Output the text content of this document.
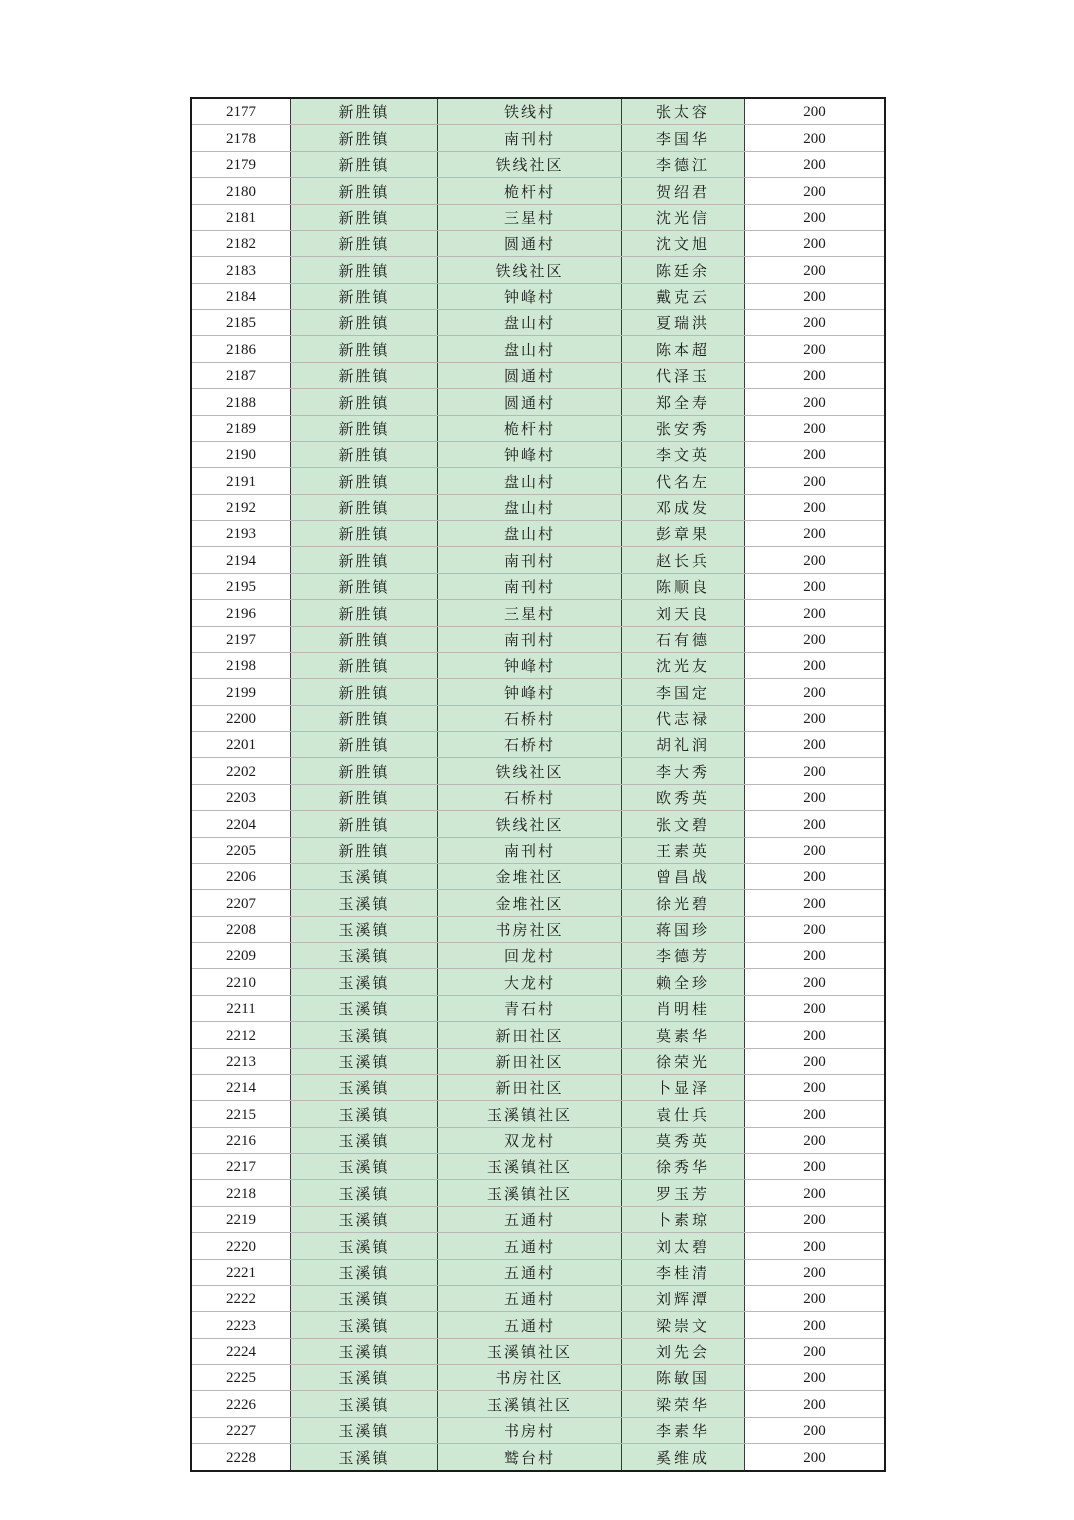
2177	新胜镇	铁线村	张太容	200
2178	新胜镇	南刊村	李国华	200
2179	新胜镇	铁线社区	李德江	200
2180	新胜镇	桅杆村	贺绍君	200
2181	新胜镇	三星村	沈光信	200
2182	新胜镇	圆通村	沈文旭	200
2183	新胜镇	铁线社区	陈廷余	200
2184	新胜镇	钟峰村	戴克云	200
2185	新胜镇	盘山村	夏瑞洪	200
2186	新胜镇	盘山村	陈本超	200
2187	新胜镇	圆通村	代泽玉	200
2188	新胜镇	圆通村	郑全寿	200
2189	新胜镇	桅杆村	张安秀	200
2190	新胜镇	钟峰村	李文英	200
2191	新胜镇	盘山村	代名左	200
2192	新胜镇	盘山村	邓成发	200
2193	新胜镇	盘山村	彭章果	200
2194	新胜镇	南刊村	赵长兵	200
2195	新胜镇	南刊村	陈顺良	200
2196	新胜镇	三星村	刘天良	200
2197	新胜镇	南刊村	石有德	200
2198	新胜镇	钟峰村	沈光友	200
2199	新胜镇	钟峰村	李国定	200
2200	新胜镇	石桥村	代志禄	200
2201	新胜镇	石桥村	胡礼润	200
2202	新胜镇	铁线社区	李大秀	200
2203	新胜镇	石桥村	欧秀英	200
2204	新胜镇	铁线社区	张文碧	200
2205	新胜镇	南刊村	王素英	200
2206	玉溪镇	金堆社区	曾昌战	200
2207	玉溪镇	金堆社区	徐光碧	200
2208	玉溪镇	书房社区	蒋国珍	200
2209	玉溪镇	回龙村	李德芳	200
2210	玉溪镇	大龙村	赖全珍	200
2211	玉溪镇	青石村	肖明桂	200
2212	玉溪镇	新田社区	莫素华	200
2213	玉溪镇	新田社区	徐荣光	200
2214	玉溪镇	新田社区	卜显泽	200
2215	玉溪镇	玉溪镇社区	袁仕兵	200
2216	玉溪镇	双龙村	莫秀英	200
2217	玉溪镇	玉溪镇社区	徐秀华	200
2218	玉溪镇	玉溪镇社区	罗玉芳	200
2219	玉溪镇	五通村	卜素琼	200
2220	玉溪镇	五通村	刘太碧	200
2221	玉溪镇	五通村	李桂清	200
2222	玉溪镇	五通村	刘辉潭	200
2223	玉溪镇	五通村	梁崇文	200
2224	玉溪镇	玉溪镇社区	刘先会	200
2225	玉溪镇	书房社区	陈敏国	200
2226	玉溪镇	玉溪镇社区	梁荣华	200
2227	玉溪镇	书房村	李素华	200
2228	玉溪镇	鹫台村	奚维成	200
